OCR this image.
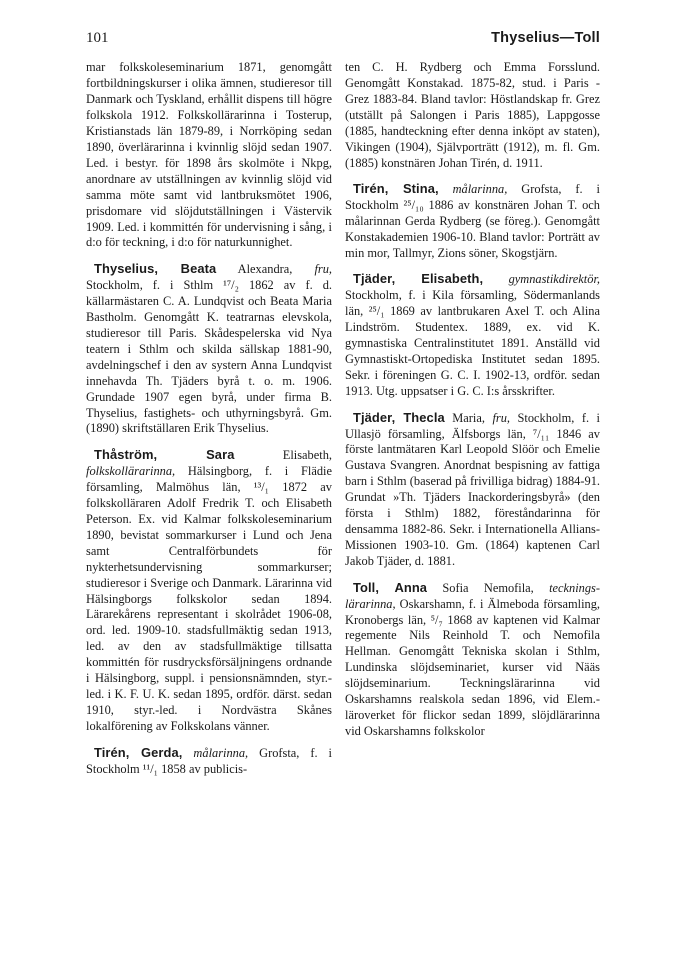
101	Thyselius—Toll

mar folkskoleseminarium 1871, genomgått fortbildningskurser i olika ämnen, studieresor till Danmark och Tyskland, erhållit dispens till högre folkskola 1912. Folkskollärarinna i Tosterup, Kristianstads län 1879-89, i Norrköping sedan 1890, överlärarinna i kvinnlig slöjd sedan 1907. Led. i bestyr. för 1898 års skolmöte i Nkpg, anordnare av utställningen av kvinnlig slöjd vid samma möte samt vid lantbruksmötet 1906, prisdomare vid slöjdutställningen i Västervik 1909. Led. i kommittén för undervisning i sång, i d:o för teckning, i d:o för naturkunnighet.

Thyselius, Beata Alexandra, fru, Stockholm, f. i Sthlm ¹⁷/₂ 1862 av f. d. källarmästaren C. A. Lundqvist och Beata Maria Bastholm. Genomgått K. teatrarnas elevskola, studieresor till Paris. Skådespelerska vid Nya teatern i Sthlm och skilda sällskap 1881-90, avdelningschef i den av systern Anna Lundqvist innehavda Th. Tjäders byrå t. o. m. 1906. Grundade 1907 egen byrå, under firma B. Thyselius, fastighets- och uthyrningsbyrå. Gm. (1890) skriftställaren Erik Thyselius.

Thåström, Sara Elisabeth, folkskollärarinna, Hälsingborg, f. i Flädie församling, Malmöhus län, ¹³/₁ 1872 av folkskolläraren Adolf Fredrik T. och Elisabeth Peterson. Ex. vid Kalmar folkskoleseminarium 1890, bevistat sommarkurser i Lund och Jena samt Centralförbundets för nykterhetsundervisning sommarkurser; studieresor i Sverige och Danmark. Lärarinna vid Hälsingborgs folkskolor sedan 1894. Lärarekårens representant i skolrådet 1906-08, ord. led. 1909-10. stadsfullmäktig sedan 1913, led. av den av stadsfullmäktige tillsatta kommittén för rusdrycksförsäljningens ordnande i Hälsingborg, suppl. i pensionsnämnden, styr.-led. i K. F. U. K. sedan 1895, ordför. därst. sedan 1910, styr.-led. i Nordvästra Skånes lokalförening av Folkskolans vänner.

Tirén, Gerda, målarinna, Grofsta, f. i Stockholm ¹¹/₁ 1858 av publicis-

ten C. H. Rydberg och Emma Forsslund. Genomgått Konstakad. 1875-82, stud. i Paris - Grez 1883-84. Bland tavlor: Höstlandskap fr. Grez (utställt på Salongen i Paris 1885), Lappgosse (1885, handteckning efter denna inköpt av staten), Vikingen (1904), Självporträtt (1912), m. fl. Gm. (1885) konstnären Johan Tirén, d. 1911.

Tirén, Stina, målarinna, Grofsta, f. i Stockholm ²⁵/₁₀ 1886 av konstnären Johan T. och målarinnan Gerda Rydberg (se föreg.). Genomgått Konstakademien 1906-10. Bland tavlor: Porträtt av min mor, Tallmyr, Zions söner, Skogstjärn.

Tjäder, Elisabeth, gymnastikdirektör, Stockholm, f. i Kila församling, Södermanlands län, ²⁵/₁ 1869 av lantbrukaren Axel T. och Alina Lindström. Studentex. 1889, ex. vid K. gymnastiska Centralinstitutet 1891. Anställd vid Gymnastiskt-Ortopediska Institutet sedan 1895. Sekr. i föreningen G. C. I. 1902-13, ordför. sedan 1913. Utg. uppsatser i G. C. I:s årsskrifter.

Tjäder, Thecla Maria, fru, Stockholm, f. i Ullasjö församling, Älfsborgs län, ⁷/₁₁ 1846 av förste lantmätaren Karl Leopold Slöör och Emelie Gustava Svangren. Anordnat bespisning av fattiga barn i Sthlm (baserad på frivilliga bidrag) 1884-91. Grundat »Th. Tjäders Inackorderingsbyrå» (den första i Sthlm) 1882, föreståndarinna för densamma 1882-86. Sekr. i Internationella Allians-Missionen 1903-10. Gm. (1864) kaptenen Carl Jakob Tjäder, d. 1881.

Toll, Anna Sofia Nemofila, tecknings-lärarinna, Oskarshamn, f. i Älmeboda församling, Kronobergs län, ⁵/₇ 1868 av kaptenen vid Kalmar regemente Nils Reinhold T. och Nemofila Hellman. Genomgått Tekniska skolan i Sthlm, Lundinska slöjdseminariet, kurser vid Nääs slöjdseminarium. Teckningslärarinna vid Oskarshamns realskola sedan 1896, vid Elem.-läroverket för flickor sedan 1899, slöjdlärarinna vid Oskarshamns folkskolor
